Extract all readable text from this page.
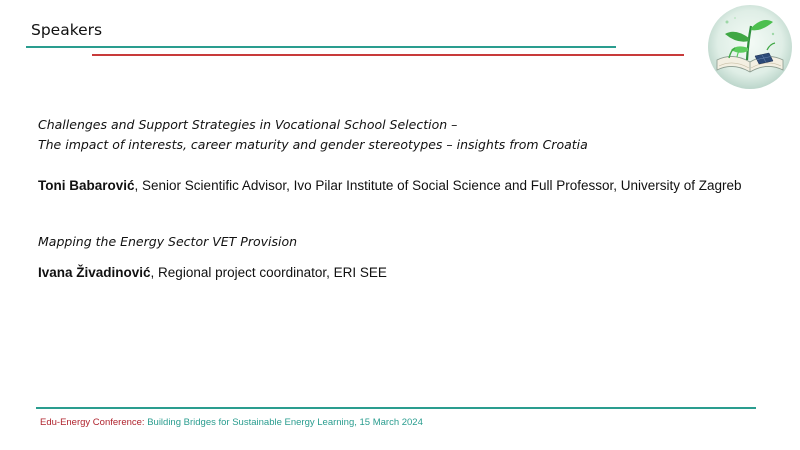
Speakers
Challenges and Support Strategies in Vocational School Selection –
The impact of interests, career maturity and gender stereotypes – insights from Croatia
Toni Babarović, Senior Scientific Advisor, Ivo Pilar Institute of Social Science and Full Professor, University of Zagreb
Mapping the Energy Sector VET Provision
Ivana Živadinović, Regional project coordinator, ERI SEE
Edu-Energy Conference: Building Bridges for Sustainable Energy Learning, 15 March 2024
